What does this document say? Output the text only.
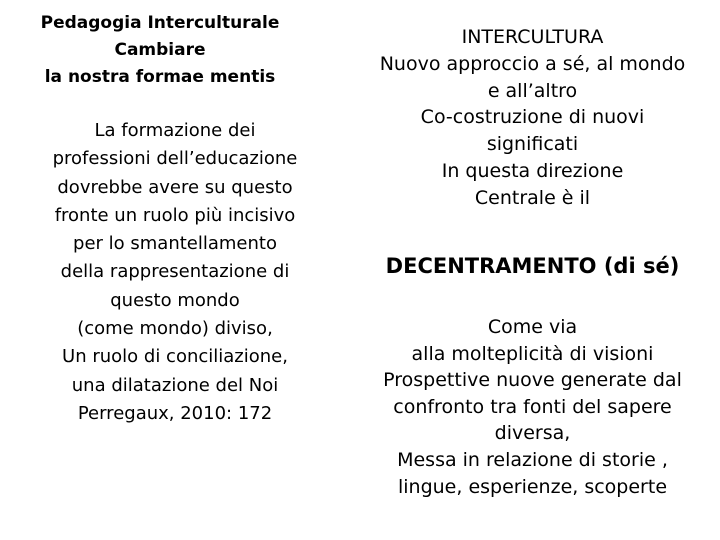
Pedagogia Interculturale
Cambiare
la nostra formae mentis
La formazione dei
professioni dell’educazione
dovrebbe avere su questo
fronte un ruolo più incisivo
per lo smantellamento
della rappresentazione di
questo mondo
(come mondo) diviso,
Un ruolo di conciliazione,
una dilatazione del Noi
Perregaux, 2010: 172
INTERCULTURA
Nuovo approccio a sé, al mondo
e all’altro
Co-costruzione di nuovi
significati
In questa direzione
Centrale è il
DECENTRAMENTO (di sé)
Come via
alla molteplicità di visioni
Prospettive nuove generate dal
confronto tra fonti del sapere
diversa,
Messa in relazione di storie ,
lingue, esperienze, scoperte
